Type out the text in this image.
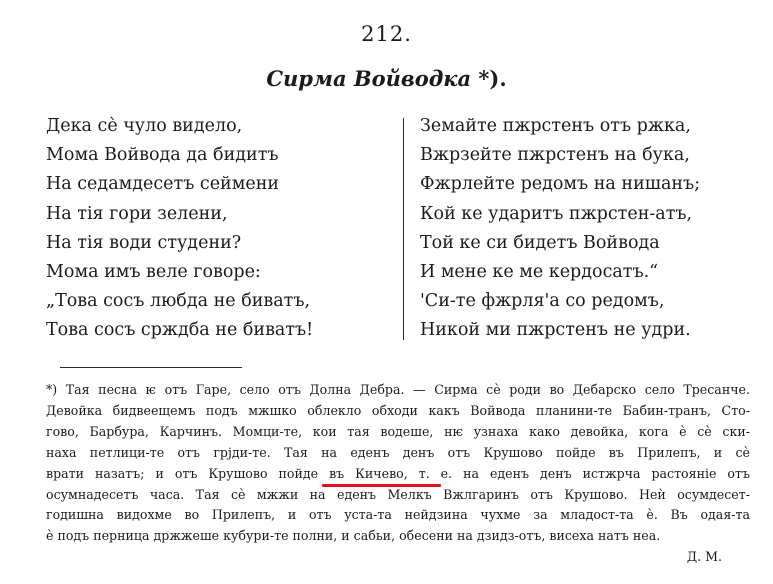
212.
Сирма Войводка *).
Дека сѐ чуло видело,
Мома Войвода да бидитъ
На седамдесетъ сеймени
На тія гори зелени,
На тія води студени?
Мома имъ веле говоре:
„Това сосъ любда не биватъ,
Това сосъ срждба не биватъ!
Земайте пжрстенъ отъ ржка,
Вжрзейте пжрстенъ на бука,
Фжрлейте редомъ на нишанъ;
Кой ке ударитъ пжрстен-атъ,
Той ке си бидетъ Войвода
И мене ке ме кердосатъ.“
'Си-те фжрля'а со редомъ,
Никой ми пжрстенъ не удри.
*) Тая песна ѥ отъ Гаре, село отъ Долна Дебра. — Сирма сѐ роди во Дебарско село Тресанче.
Девойка бидвеещемъ подъ мжшко облеклo обходи какъ Войвода планини-те Бабин-транъ, Сто-
гово, Барбура, Карчинъ. Момци-те, кои тая водеше, нѥ узнаха како девойка, кога ѐ сѐ ски-
наха петлици-те отъ грjди-те. Тая на еденъ денъ отъ Крушово пойде въ Прилепъ, и сѐ
врати назатъ; и отъ Крушово пойде въ Кичево, т. е. на еденъ денъ истжрча растояніе отъ
осумнадесетъ часа. Тая сѐ мжжи на еденъ Мелкъ Вжлгаринъ отъ Крушово. Неѝ осумдесет-
годишна видохме во Прилепъ, и отъ уста-та нейдзина чухме за младост-та ѐ. Въ одая-та
ѐ подъ перница држжеше кубури-те полни, и сабьи, обесени на дзидз-отъ, висеха натъ неа.
Д. М.
